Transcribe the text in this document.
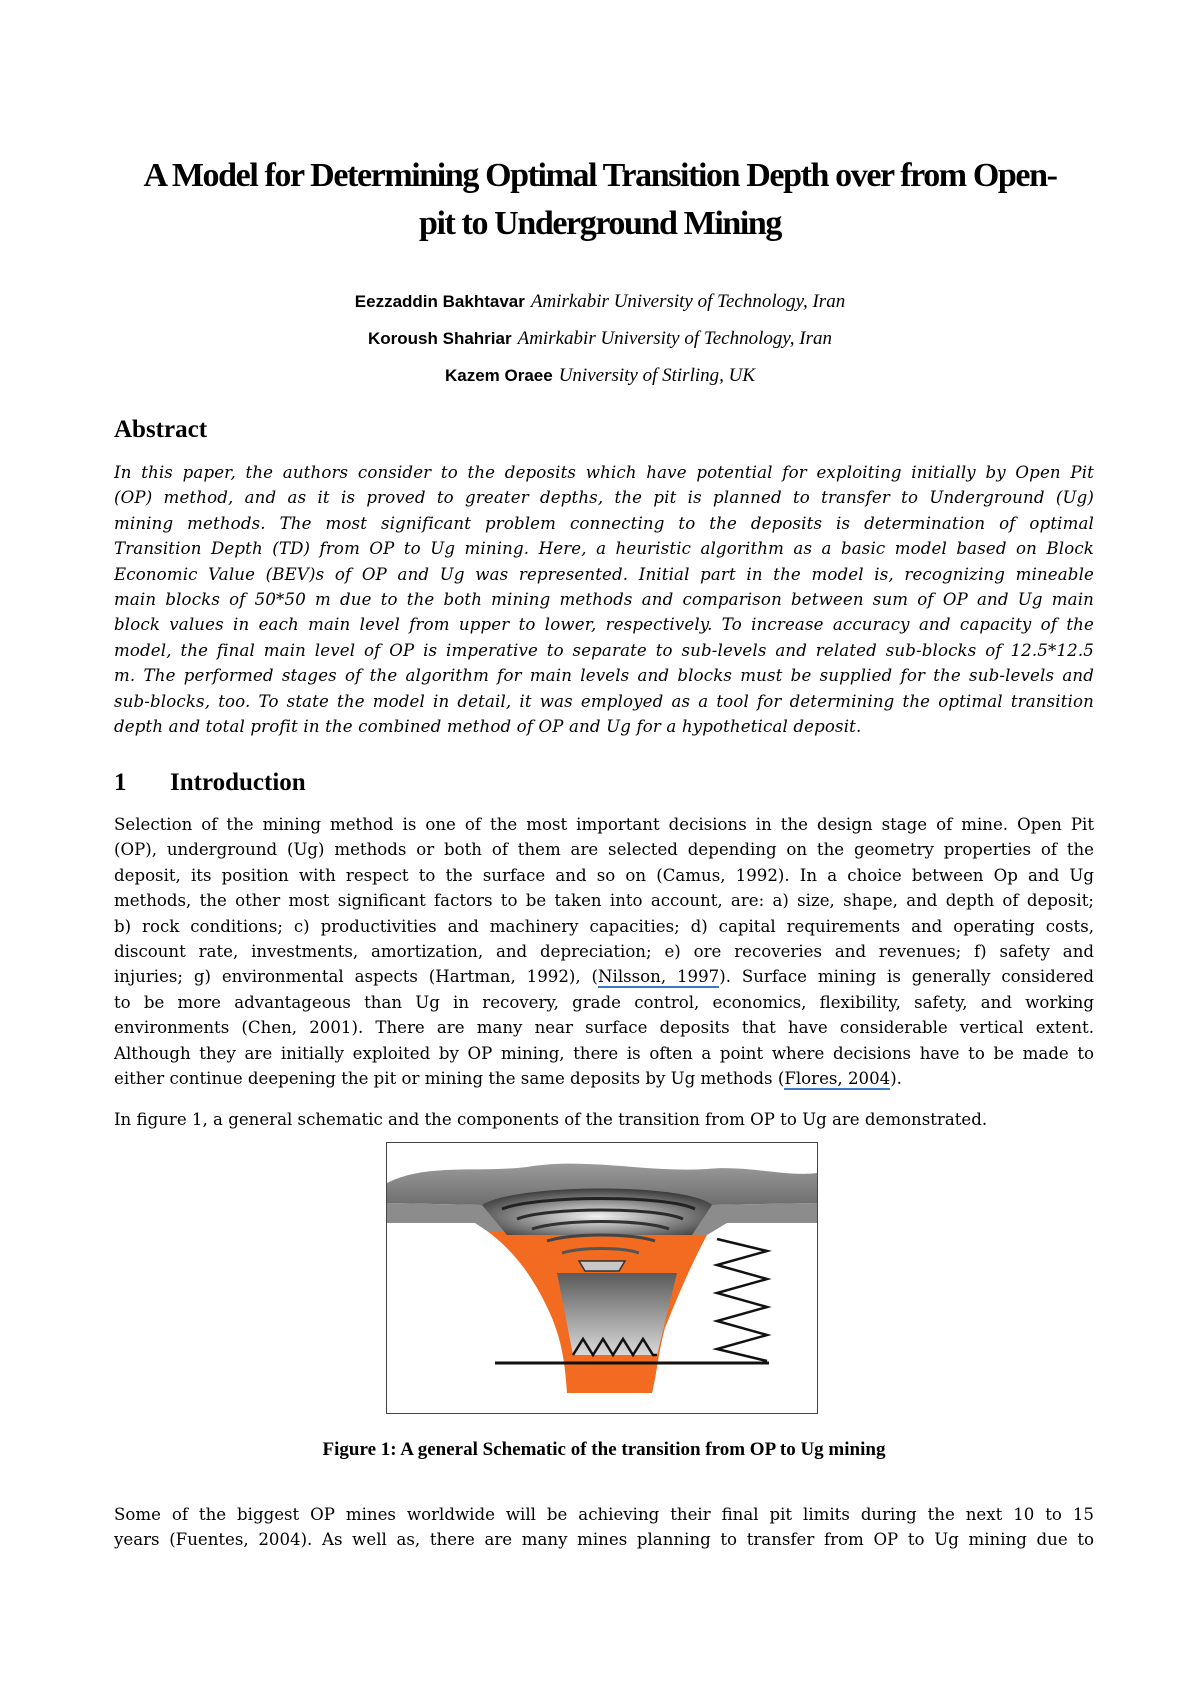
A Model for Determining Optimal Transition Depth over from Open-
pit to Underground Mining
Eezzaddin Bakhtavar Amirkabir University of Technology, Iran
Koroush Shahriar Amirkabir University of Technology, Iran
Kazem Oraee University of Stirling, UK
Abstract
In this paper, the authors consider to the deposits which have potential for exploiting initially by Open Pit
(OP) method, and as it is proved to greater depths, the pit is planned to transfer to Underground (Ug)
mining methods. The most significant problem connecting to the deposits is determination of optimal
Transition Depth (TD) from OP to Ug mining. Here, a heuristic algorithm as a basic model based on Block
Economic Value (BEV)s of OP and Ug was represented. Initial part in the model is, recognizing mineable
main blocks of 50*50 m due to the both mining methods and comparison between sum of OP and Ug main
block values in each main level from upper to lower, respectively. To increase accuracy and capacity of the
model, the final main level of OP is imperative to separate to sub-levels and related sub-blocks of 12.5*12.5
m. The performed stages of the algorithm for main levels and blocks must be supplied for the sub-levels and
sub-blocks, too. To state the model in detail, it was employed as a tool for determining the optimal transition
depth and total profit in the combined method of OP and Ug for a hypothetical deposit.
1 Introduction
Selection of the mining method is one of the most important decisions in the design stage of mine. Open Pit
(OP), underground (Ug) methods or both of them are selected depending on the geometry properties of the
deposit, its position with respect to the surface and so on (Camus, 1992). In a choice between Op and Ug
methods, the other most significant factors to be taken into account, are: a) size, shape, and depth of deposit;
b) rock conditions; c) productivities and machinery capacities; d) capital requirements and operating costs,
discount rate, investments, amortization, and depreciation; e) ore recoveries and revenues; f) safety and
injuries; g) environmental aspects (Hartman, 1992), (Nilsson, 1997). Surface mining is generally considered
to be more advantageous than Ug in recovery, grade control, economics, flexibility, safety, and working
environments (Chen, 2001). There are many near surface deposits that have considerable vertical extent.
Although they are initially exploited by OP mining, there is often a point where decisions have to be made to
either continue deepening the pit or mining the same deposits by Ug methods (Flores, 2004).
In figure 1, a general schematic and the components of the transition from OP to Ug are demonstrated.
Figure 1: A general Schematic of the transition from OP to Ug mining
Some of the biggest OP mines worldwide will be achieving their final pit limits during the next 10 to 15
years (Fuentes, 2004). As well as, there are many mines planning to transfer from OP to Ug mining due to
